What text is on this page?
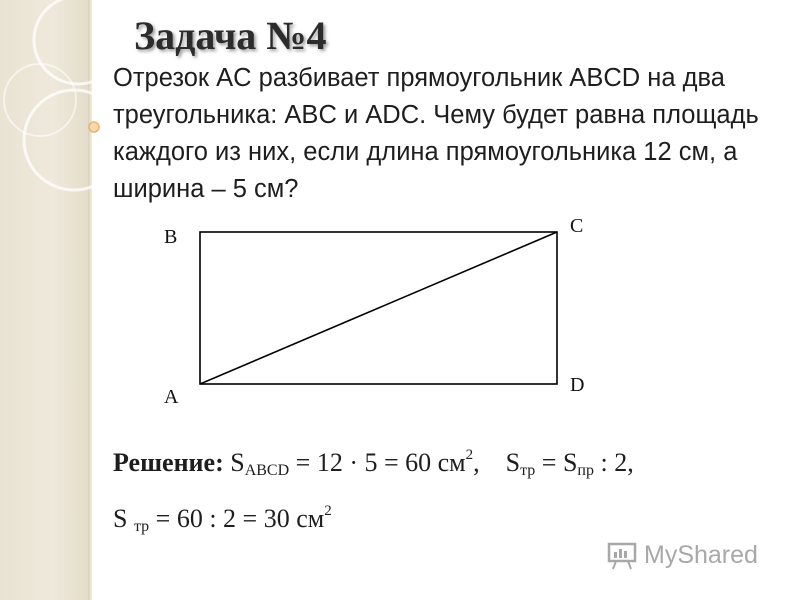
Задача №4

Отрезок AC разбивает прямоугольник ABCD на два треугольника: ABC и ADC. Чему будет равна площадь каждого из них, если длина прямоугольника 12 см, а ширина – 5 см?

B	C
A
D
Решение: $S_{ABCD} = 12 \cdot 5 = 60$ $см^2$, $S_{тр} = S_{пр}$ : 2,
S $_{тр}$ = 60 : 2 = 30 $см^2$
MyShared
